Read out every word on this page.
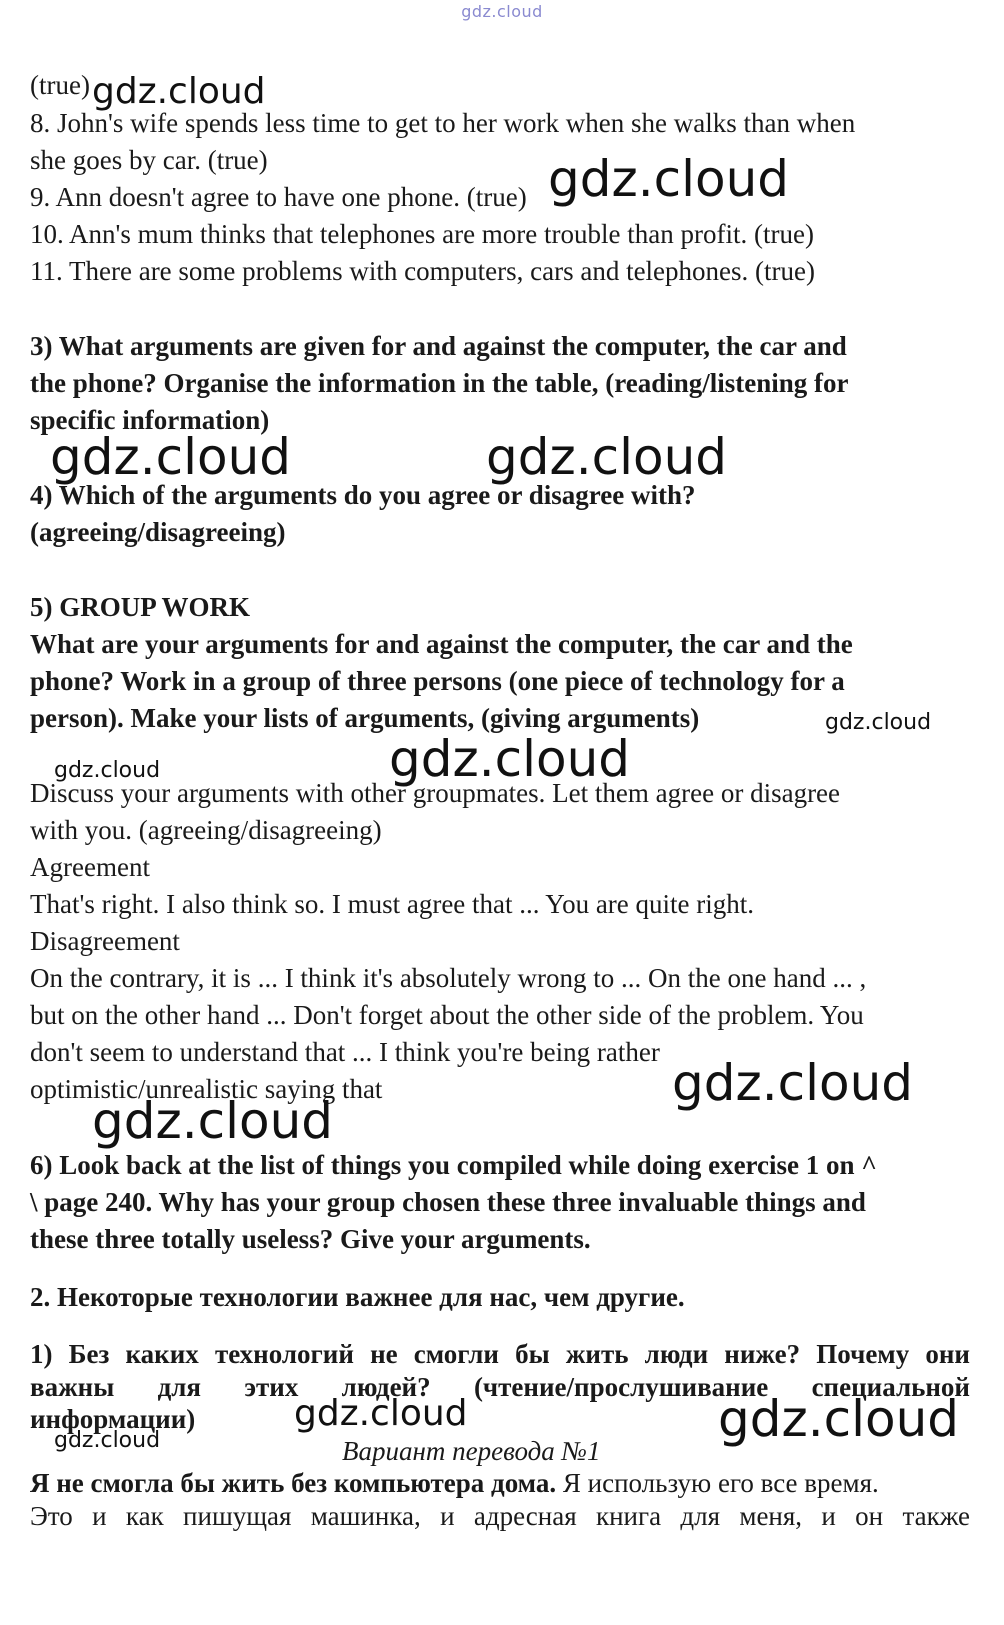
gdz.cloud
(true)
8. John's wife spends less time to get to her work when she walks than when
she goes by car. (true)
9. Ann doesn't agree to have one phone. (true)
10. Ann's mum thinks that telephones are more trouble than profit. (true)
11. There are some problems with computers, cars and telephones. (true)
3) What arguments are given for and against the computer, the car and
the phone? Organise the information in the table, (reading/listening for
specific information)
4) Which of the arguments do you agree or disagree with?
(agreeing/disagreeing)
5) GROUP WORK
What are your arguments for and against the computer, the car and the
phone? Work in a group of three persons (one piece of technology for a
person). Make your lists of arguments, (giving arguments)
Discuss your arguments with other groupmates. Let them agree or disagree
with you. (agreeing/disagreeing)
Agreement
That's right. I also think so. I must agree that ... You are quite right.
Disagreement
On the contrary, it is ... I think it's absolutely wrong to ... On the one hand ... ,
but on the other hand ... Don't forget about the other side of the problem. You
don't seem to understand that ... I think you're being rather
optimistic/unrealistic saying that
6) Look back at the list of things you compiled while doing exercise 1 on ^
\ page 240. Why has your group chosen these three invaluable things and
these three totally useless? Give your arguments.
2. Некоторые технологии важнее для нас, чем другие.
1) Без каких технологий не смогли бы жить люди ниже? Почему они
важны для этих людей? (чтение/прослушивание специальной
информации)
Вариант перевода №1
Я не смогла бы жить без компьютера дома. Я использую его все время.
Это и как пишущая машинка, и адресная книга для меня, и он также
gdz.cloud
gdz.cloud
gdz.cloud	gdz.cloud
gdz.cloud
gdz.cloud
gdz.cloud
gdz.cloud
gdz.cloud
gdz.cloud	gdz.cloud
gdz.cloud
